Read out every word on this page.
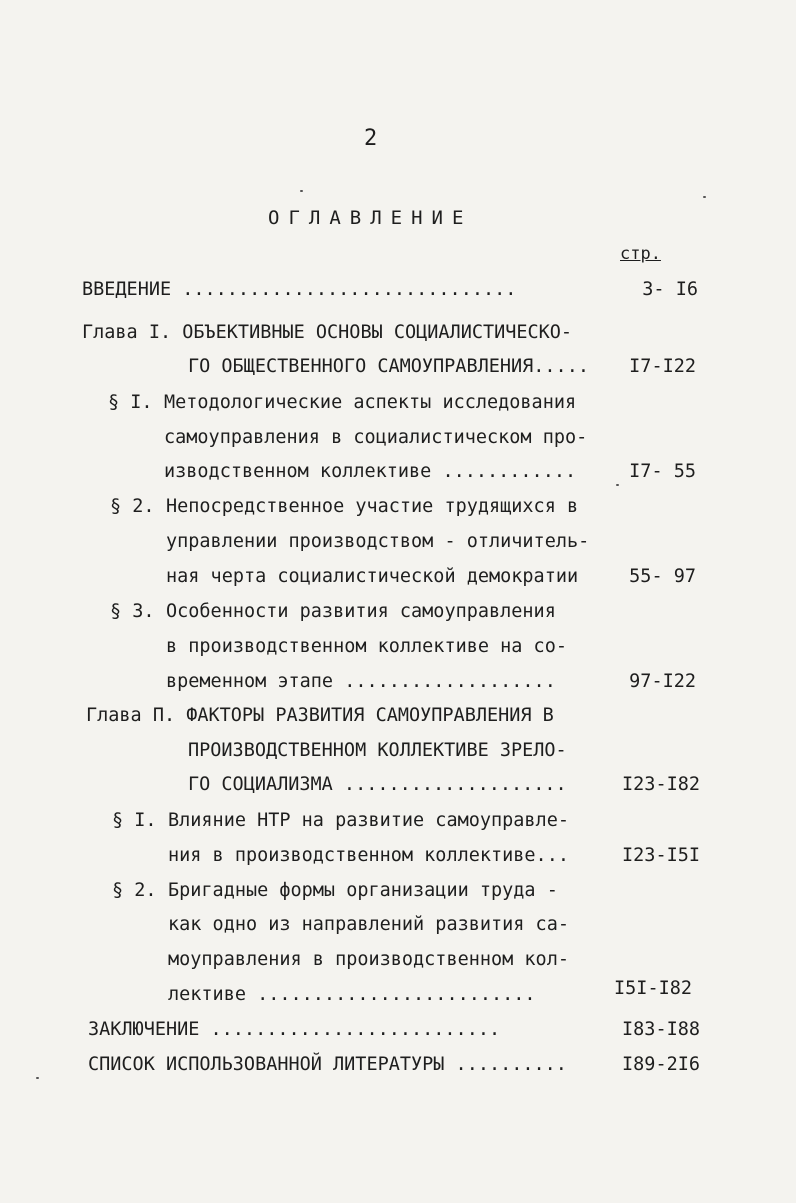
2
ОГЛАВЛЕНИЕ
стр.
ВВЕДЕНИЕ ..............................	3- I6
Глава I. ОБЪЕКТИВНЫЕ ОСНОВЫ СОЦИАЛИСТИЧЕСКО-
ГО ОБЩЕСТВЕННОГО САМОУПРАВЛЕНИЯ.....	I7-I22
§ I. Методологические аспекты исследования
самоуправления в социалистическом про-
изводственном коллективе ............	I7- 55
§ 2. Непосредственное участие трудящихся в
управлении производством - отличитель-
ная черта социалистической демократии	55- 97
§ 3. Особенности развития самоуправления
в производственном коллективе на со-
временном этапе ...................	97-I22
Глава П. ФАКТОРЫ РАЗВИТИЯ САМОУПРАВЛЕНИЯ В
ПРОИЗВОДСТВЕННОМ КОЛЛЕКТИВЕ ЗРЕЛО-
ГО СОЦИАЛИЗМА ....................	I23-I82
§ I. Влияние НТР на развитие самоуправле-
ния в производственном коллективе...	I23-I5I
§ 2. Бригадные формы организации труда -
как одно из направлений развития са-
моуправления в производственном кол-
лективе .........................	I5I-I82
ЗАКЛЮЧЕНИЕ ..........................	I83-I88
СПИСОК ИСПОЛЬЗОВАННОЙ ЛИТЕРАТУРЫ ..........	I89-2I6
